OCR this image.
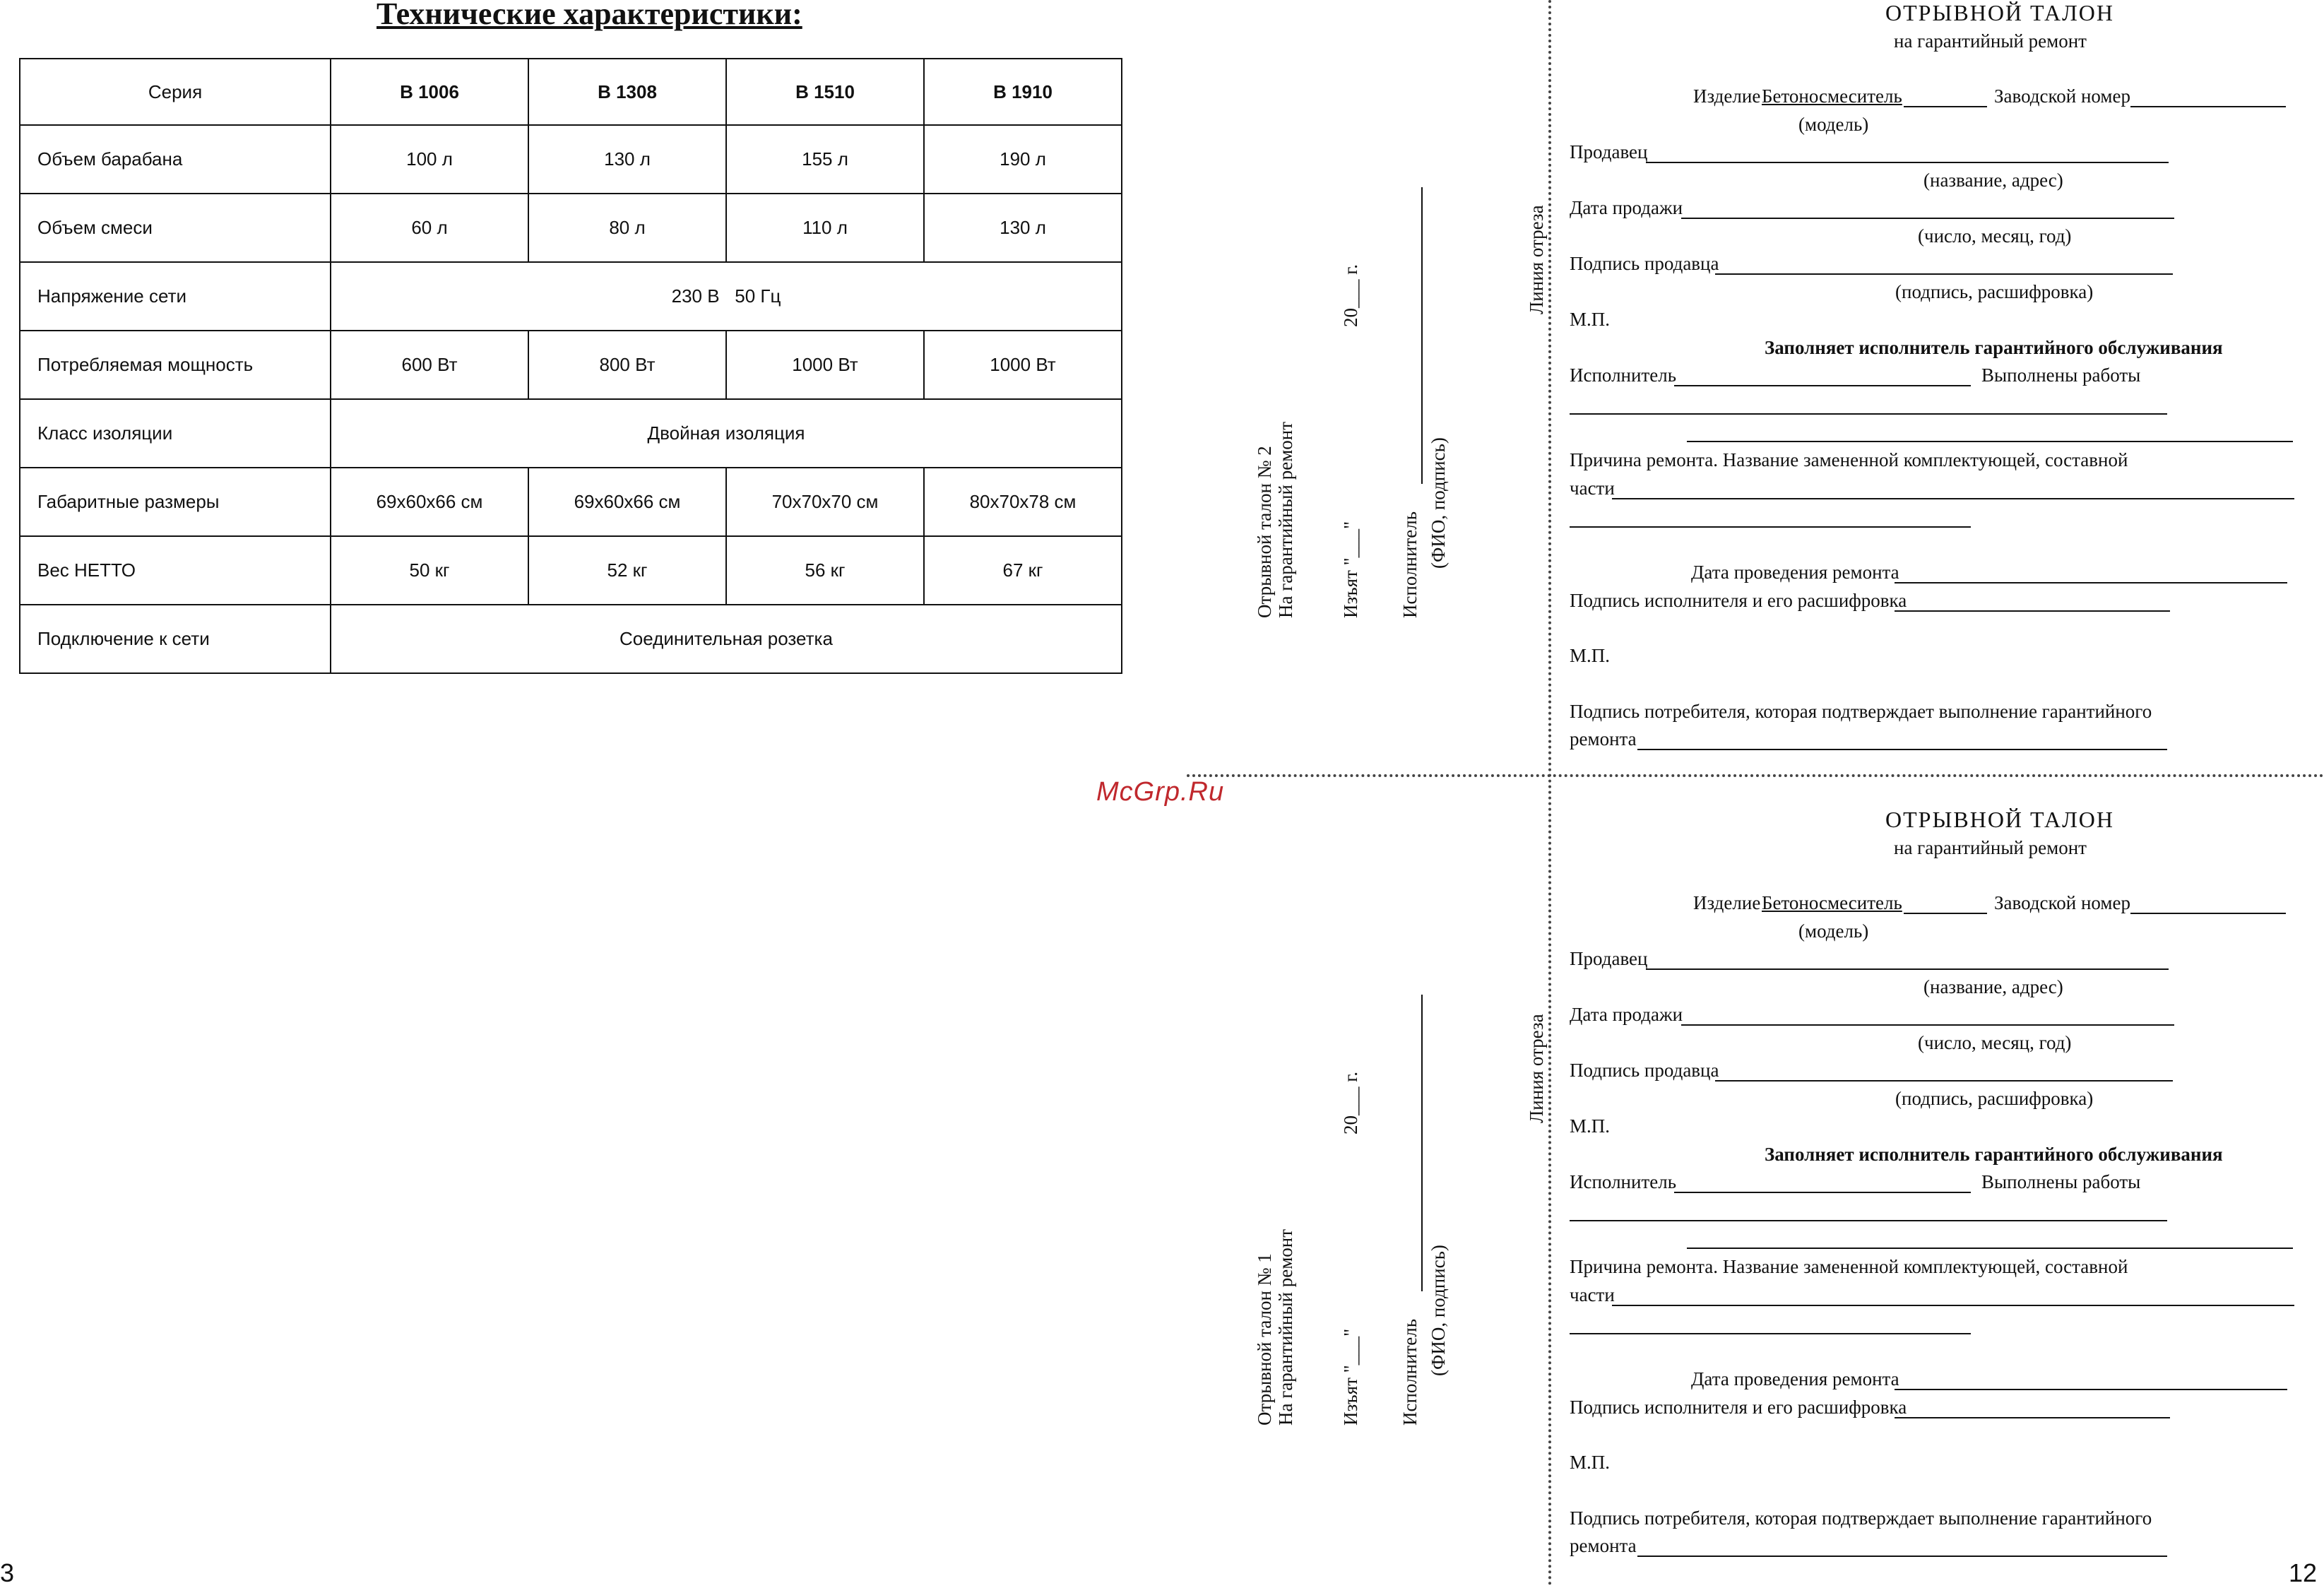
Технические характеристики:
Серия	B 1006	B 1308	B 1510	B 1910
Объем барабана	100 л	130 л	155 л	190 л
Объем смеси	60 л	80 л	110 л	130 л
Напряжение сети	230 В   50 Гц			
Потребляемая мощность	600 Вт	800 Вт	1000 Вт	1000 Вт
Класс изоляции	Двойная изоляция			
Габаритные размеры	69x60x66 см	69x60x66 см	70x70x70 см	80x70x78 см
Вес НЕТТО	50 кг	52 кг	56 кг	67 кг
Подключение к сети	Соединительная розетка			
3	12
McGrp.Ru
Отрывной талон № 2 На гарантийный ремонт Изъят "___"
20___ г.
Исполнитель (ФИО, подпись)
Отрывной талон № 1 На гарантийный ремонт Изъят "___"
20___ г.
Исполнитель (ФИО, подпись)
Линия отреза
Линия отреза
ОТРЫВНОЙ ТАЛОН
на гарантийный ремонт
Изделие Бетоносмеситель	Заводской номер
(модель)
Продавец
(название, адрес)
Дата продажи
(число, месяц, год)
Подпись продавца
(подпись, расшифровка)
М.П.
Заполняет исполнитель гарантийного обслуживания
Исполнитель	Выполнены работы
Причина ремонта. Название замененной комплектующей, составной
части
Дата проведения ремонта
Подпись исполнителя и его расшифровка
М.П.
Подпись потребителя, которая подтверждает выполнение гарантийного
ремонта
ОТРЫВНОЙ ТАЛОН
на гарантийный ремонт
Изделие Бетоносмеситель	Заводской номер
(модель)
Продавец
(название, адрес)
Дата продажи
(число, месяц, год)
Подпись продавца
(подпись, расшифровка)
М.П.
Заполняет исполнитель гарантийного обслуживания
Исполнитель	Выполнены работы
Причина ремонта. Название замененной комплектующей, составной
части
Дата проведения ремонта
Подпись исполнителя и его расшифровка
М.П.
Подпись потребителя, которая подтверждает выполнение гарантийного
ремонта
